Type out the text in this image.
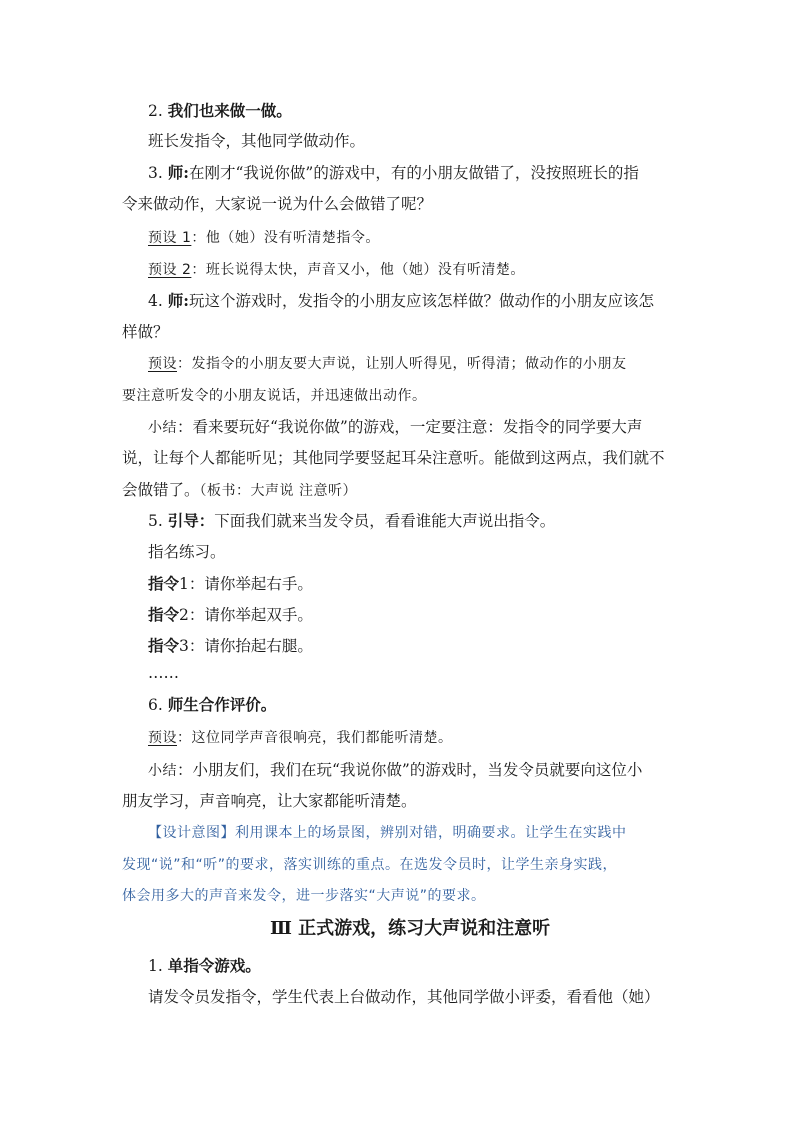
2. 我们也来做一做。
班长发指令，其他同学做动作。
3. 师:在刚才“我说你做”的游戏中，有的小朋友做错了，没按照班长的指
令来做动作，大家说一说为什么会做错了呢？
预设 1：他（她）没有听清楚指令。
预设 2：班长说得太快，声音又小，他（她）没有听清楚。
4. 师:玩这个游戏时，发指令的小朋友应该怎样做？做动作的小朋友应该怎
样做？
预设：发指令的小朋友要大声说，让别人听得见，听得清；做动作的小朋友
要注意听发令的小朋友说话，并迅速做出动作。
小结：看来要玩好“我说你做”的游戏，一定要注意：发指令的同学要大声
说，让每个人都能听见；其他同学要竖起耳朵注意听。能做到这两点，我们就不
会做错了。（板书：大声说 注意听）
5. 引导：下面我们就来当发令员，看看谁能大声说出指令。
指名练习。
指令1：请你举起右手。
指令2：请你举起双手。
指令3：请你抬起右腿。
……
6. 师生合作评价。
预设：这位同学声音很响亮，我们都能听清楚。
小结：小朋友们，我们在玩“我说你做”的游戏时，当发令员就要向这位小
朋友学习，声音响亮，让大家都能听清楚。
【设计意图】利用课本上的场景图，辨别对错，明确要求。让学生在实践中
发现“说”和“听”的要求，落实训练的重点。在选发令员时，让学生亲身实践，
体会用多大的声音来发令，进一步落实“大声说”的要求。
Ⅲ 正式游戏，练习大声说和注意听
1. 单指令游戏。
请发令员发指令，学生代表上台做动作，其他同学做小评委，看看他（她）
